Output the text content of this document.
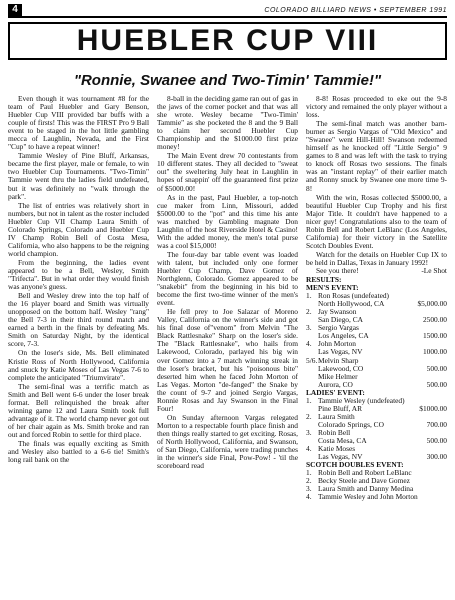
4	COLORADO BILLIARD NEWS • SEPTEMBER 1991
HUEBLER CUP VIII
"Ronnie, Swanee and Two-Timin' Tammie!"

Even though it was tournament #8 for the team of Paul Huebler and Gary Benson, Huebler Cup VIII provided bar buffs with a couple of firsts! This was the FIRST Pro 9 Ball event to be staged in the hot little gambling mecca of Laughlin, Nevada, and the First "Cup" to have a repeat winner!

Tammie Wesley of Pine Bluff, Arkansas, became the first player, male or female, to win two Huebler Cup Tournaments. "Two-Timin" Tammie went thru the ladies field undefeated, but it was definitely no "walk through the park".

The list of entries was relatively short in numbers, but not in talent as the roster included Huebler Cup VII Champ Laura Smith of Colorado Springs, Colorado and Huebler Cup IV Champ Robin Bell of Costa Mesa, California, who also happens to be the reigning world champion.

From the beginning, the ladies event appeared to be a Bell, Wesley, Smith "Trifecta". But in what order they would finish was anyone's guess.

Bell and Wesley drew into the top half of the 16 player board and Smith was virtually unopposed on the bottom half. Wesley "rang" the Bell 7-3 in their third round match and earned a berth in the finals by defeating Ms. Smith on Saturday Night, by the identical score, 7-3.

On the loser's side, Ms. Bell eliminated Kristie Ross of North Hollywood, California and snuck by Katie Moses of Las Vegas 7-6 to complete the anticipated "Triumvirate".

The semi-final was a terrific match as Smith and Bell went 6-6 under the loser break format. Bell relinquished the break after winning game 12 and Laura Smith took full advantage of it. The world champ never got out of her chair again as Ms. Smith broke and ran out and forced Robin to settle for third place.

The finals was equally exciting as Smith and Wesley also battled to a 6-6 tie! Smith's long rail bank on the

8-ball in the deciding game ran out of gas in the jaws of the corner pocket and that was all she wrote. Wesley became "Two-Timin' Tammie" as she pocketed the 8 and the 9 Ball to claim her second Huebler Cup Championship and the $1000.00 first prize money!

The Main Event drew 70 contestants from 10 different states. They all decided to "sweat out" the sweltering July heat in Laughlin in hopes of snappin' off the guaranteed first prize of $5000.00!

As in the past, Paul Huebler, a top-notch cue maker from Linn, Missouri, added $5000.00 to the "pot" and this time his ante was matched by Gambling magnate Don Laughlin of the host Riverside Hotel & Casino! With the added money, the men's total purse was a cool $15,000!

The four-day bar table event was loaded with talent, but included only one former Huebler Cup Champ, Dave Gomez of Northglenn, Colorado. Gomez appeared to be "snakebit" from the beginning in his bid to become the first two-time winner of the men's event.

He fell prey to Joe Salazar of Moreno Valley, California on the winner's side and got his final dose of"venom" from Melvin "The Black Rattlesnake" Sharp on the loser's side. The "Black Rattlesnake", who hails from Lakewood, Colorado, parlayed his big win over Gomez into a 7 match winning streak in the loser's bracket, but his "poisonous bite" deserted him when he faced John Morton of Las Vegas. Morton "de-fanged" the Snake by the count of 9-7 and joined Sergio Vargas, Ronnie Rosas and Jay Swanson in the Final Four!

On Sunday afternoon Vargas relegated Morton to a respectable fourth place finish and then things really started to get exciting. Rosas, of North Hollywood, California, and Swanson, of San Diego, California, were trading punches in the winner's side Final, Pow-Pow! - 'til the scoreboard read

8-8! Rosas proceeded to eke out the 9-8 victory and remained the only player without a loss.

The semi-final match was another barn-burner as Sergio Vargas of "Old Mexico" and "Swanee" went Hill-Hill! Swanson redeemed himself as he knocked off "Little Sergio" 9 games to 8 and was left with the task to trying to knock off Rosas two sessions. The finals was an "instant replay" of their earlier match and Ronny snuck by Swanee one more time 9-8!

With the win, Rosas collected $5000.00, a beautiful Huebler Cup Trophy and his first Major Title. It couldn't have happened to a nicer guy! Congratulations also to the team of Robin Bell and Robert LeBlanc (Los Angeles, California) for their victory in the Satellite Scotch Doubles Event.

Watch for the details on Huebler Cup IX to be held in Dallas, Texas in January 1992!

See you there!	-Le Shot
RESULTS:
MEN'S EVENT:
1. Ron Rosas (undefeated)
North Hollywood, CA	$5,000.00
2. Jay Swanson
San Diego, CA	2500.00
3. Sergio Vargas
Los Angeles, CA	1500.00
4. John Morton
Las Vegas, NV	1000.00
5/6. Melvin Sharp
Lakewood, CO	500.00
Mike Helmer
Aurora, CO	500.00
LADIES' EVENT:
1. Tammie Wesley (undefeated)
Pine Bluff, AR	$1000.00
2. Laura Smith
Colorado Springs, CO	700.00
3. Robin Bell
Costa Mesa, CA	500.00
4. Katie Moses
Las Vegas, NV	300.00
SCOTCH DOUBLES EVENT:
1. Robin Bell and Robert LeBlanc
2. Becky Steele and Dave Gomez
3. Laura Smith and Danny Medina
4. Tammie Wesley and John Morton
